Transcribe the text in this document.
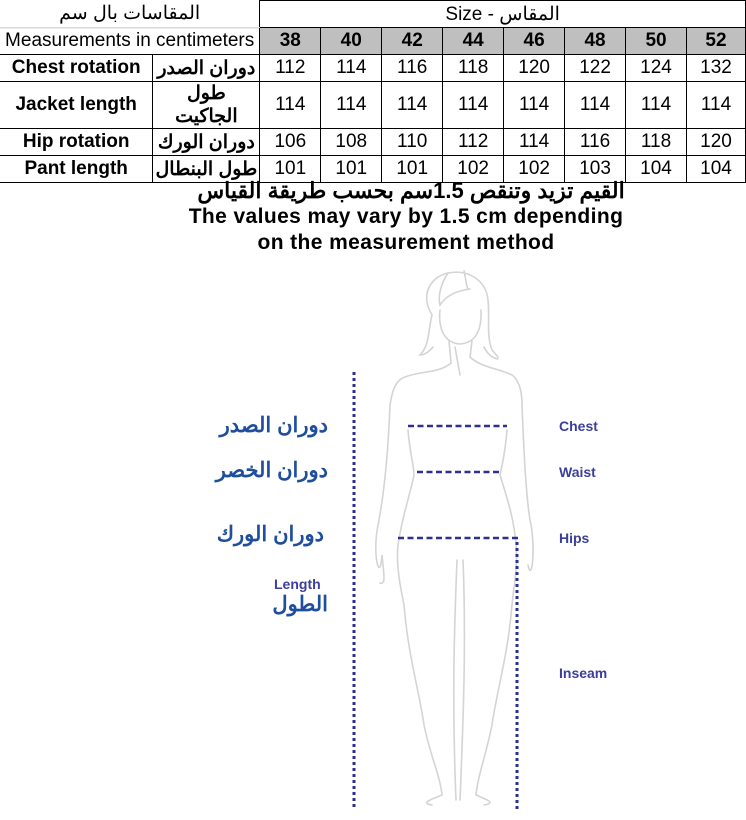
المقاسات بال سم		Size - المقاس							
Measurements in centimeters		38	40	42	44	46	48	50	52
Chest rotation	دوران الصدر	112	114	116	118	120	122	124	132
Jacket length	طول الجاكيت	114	114	114	114	114	114	114	114
Hip rotation	دوران الورك	106	108	110	112	114	116	118	120
Pant length	طول البنطال	101	101	101	102	102	103	104	104
القيم تزيد وتنقص 1.5سم بحسب طريقة القياس
The values may vary by 1.5 cm depending
on the measurement method
دوران الصدر
دوران الخصر
دوران الورك
Length
الطول
Chest
Waist
Hips
Inseam
